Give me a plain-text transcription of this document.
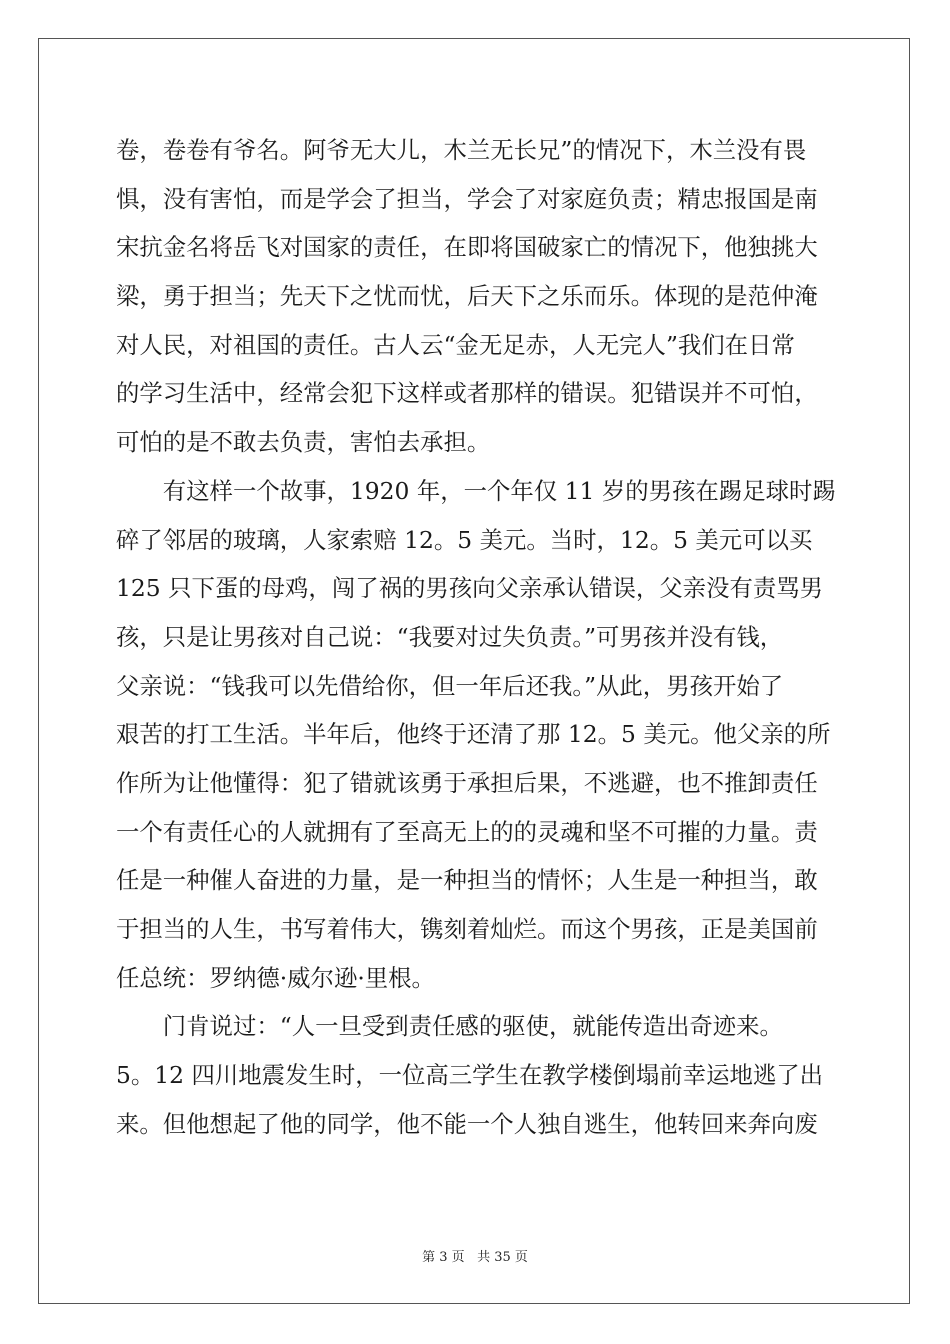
卷，卷卷有爷名。阿爷无大儿，木兰无长兄”的情况下，木兰没有畏
惧，没有害怕，而是学会了担当，学会了对家庭负责；精忠报国是南
宋抗金名将岳飞对国家的责任，在即将国破家亡的情况下，他独挑大
梁，勇于担当；先天下之忧而忧，后天下之乐而乐。体现的是范仲淹
对人民，对祖国的责任。古人云“金无足赤，人无完人”我们在日常
的学习生活中，经常会犯下这样或者那样的错误。犯错误并不可怕，
可怕的是不敢去负责，害怕去承担。
　　有这样一个故事，1920 年，一个年仅 11 岁的男孩在踢足球时踢
碎了邻居的玻璃，人家索赔 12。5 美元。当时，12。5 美元可以买
125 只下蛋的母鸡，闯了祸的男孩向父亲承认错误，父亲没有责骂男
孩，只是让男孩对自己说：“我要对过失负责。”可男孩并没有钱，
父亲说：“钱我可以先借给你，但一年后还我。”从此，男孩开始了
艰苦的打工生活。半年后，他终于还清了那 12。5 美元。他父亲的所
作所为让他懂得：犯了错就该勇于承担后果，不逃避，也不推卸责任
一个有责任心的人就拥有了至高无上的的灵魂和坚不可摧的力量。责
任是一种催人奋进的力量，是一种担当的情怀；人生是一种担当，敢
于担当的人生，书写着伟大，镌刻着灿烂。而这个男孩，正是美国前
任总统：罗纳德·威尔逊·里根。
　　门肯说过：“人一旦受到责任感的驱使，就能传造出奇迹来。
5。12 四川地震发生时，一位高三学生在教学楼倒塌前幸运地逃了出
来。但他想起了他的同学，他不能一个人独自逃生，他转回来奔向废
第 3 页 共 35 页
